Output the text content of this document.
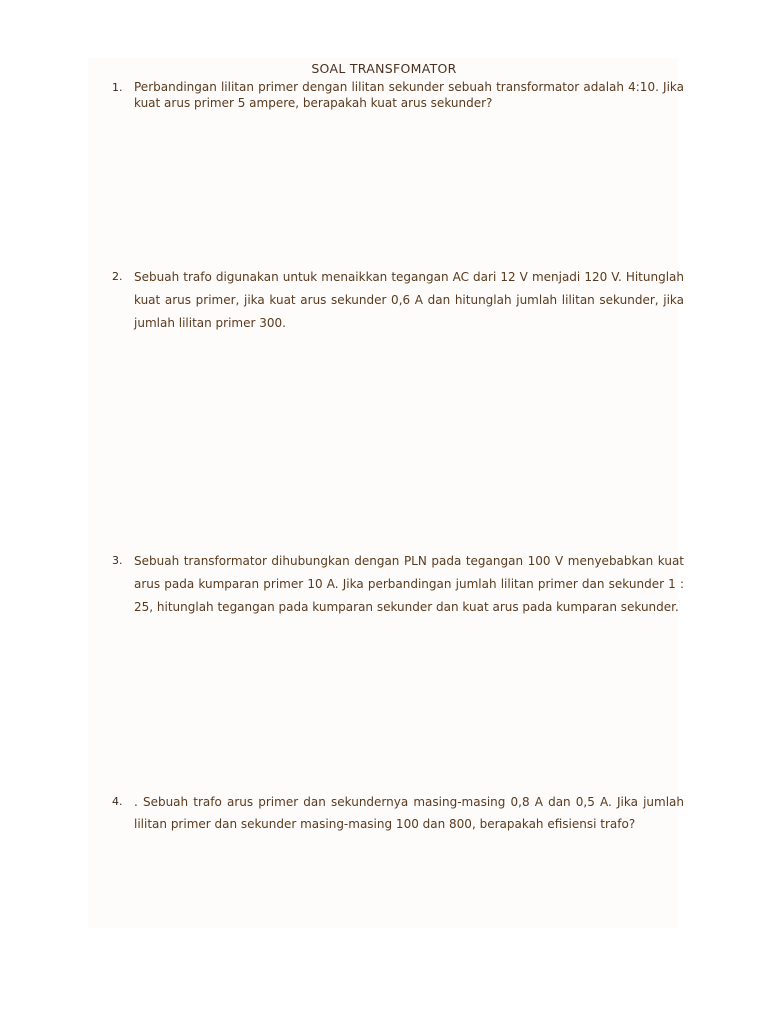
SOAL TRANSFOMATOR
1. Perbandingan lilitan primer dengan lilitan sekunder sebuah transformator adalah 4:10. Jika kuat arus primer 5 ampere, berapakah kuat arus sekunder?
2. Sebuah trafo digunakan untuk menaikkan tegangan AC dari 12 V menjadi 120 V. Hitunglah kuat arus primer, jika kuat arus sekunder 0,6 A dan hitunglah jumlah lilitan sekunder, jika jumlah lilitan primer 300.
3. Sebuah transformator dihubungkan dengan PLN pada tegangan 100 V menyebabkan kuat arus pada kumparan primer 10 A. Jika perbandingan jumlah lilitan primer dan sekunder 1 : 25, hitunglah tegangan pada kumparan sekunder dan kuat arus pada kumparan sekunder.
4. . Sebuah trafo arus primer dan sekundernya masing-masing 0,8 A dan 0,5 A. Jika jumlah lilitan primer dan sekunder masing-masing 100 dan 800, berapakah efisiensi trafo?
